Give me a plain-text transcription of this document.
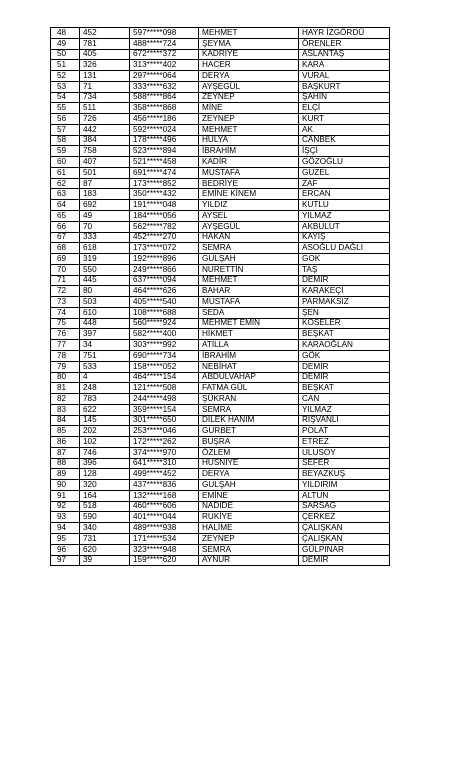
48	452	597*****098	MEHMET	HAYR İZGÖRDÜ
49	781	488*****724	ŞEYMA	ÖRENLER
50	405	672*****372	KADRİYE	ASLANTAŞ
51	326	313*****402	HACER	KARA
52	131	297*****064	DERYA	VURAL
53	71	333*****632	AYŞEGÜL	BAŞKURT
54	734	588*****864	ZEYNEP	ŞAHİN
55	511	358*****868	MİNE	ELÇİ
56	726	456*****186	ZEYNEP	KURT
57	442	592*****024	MEHMET	AK
58	384	178*****496	HÜLYA	CANBEK
59	758	523*****894	İBRAHİM	İŞÇİ
60	407	521*****458	KADİR	GÖZOĞLU
61	501	691*****474	MUSTAFA	GUZEL
62	87	173*****852	BEDRİYE	ZAF
63	183	350*****432	EMİNE KİNEM	ERCAN
64	692	191*****048	YILDIZ	KUTLU
65	49	184*****056	AYSEL	YILMAZ
66	70	562*****782	AYŞEGÜL	AKBULUT
67	333	452*****270	HAKAN	KAYIŞ
68	618	173*****072	SEMRA	ASOĞLU DAĞLI
69	319	192*****896	GULŞAH	GOK
70	550	249*****866	NURETTİN	TAŞ
71	445	637*****094	MEHMET	DEMİR
72	80	464*****626	BAHAR	KARAKEÇİ
73	503	405*****540	MUSTAFA	PARMAKSIZ
74	610	108*****688	SEDA	ŞEN
75	448	560*****924	MEHMET EMİN	KÖSELER
76	397	582*****400	HİKMET	BEŞKAT
77	34	303*****992	ATİLLA	KARAOĞLAN
78	751	690*****734	İBRAHİM	GÖK
79	533	158*****052	NEBİHAT	DEMİR
80	4	464*****154	ABDULVAHAP	DEMİR
81	248	121*****508	FATMA GÜL	BEŞKAT
82	783	244*****498	ŞÜKRAN	CAN
83	622	359*****154	SEMRA	YILMAZ
84	145	301*****650	DİLEK HANIM	RIŞVANLI
85	202	253*****046	GURBET	POLAT
86	102	172*****262	BUŞRA	ETREZ
87	746	374*****970	ÖZLEM	ULUSOY
88	396	641*****310	HUSNİYE	SEFER
89	128	499*****452	DERYA	BEYAZKUŞ
90	320	437*****836	GULŞAH	YILDIRIM
91	164	132*****168	EMİNE	ALTUN
92	518	460*****606	NADİDE	SARSAG
93	590	401*****044	RUKİYE	ÇERKEZ
94	340	489*****938	HALİME	ÇALIŞKAN
95	731	171*****534	ZEYNEP	ÇALIŞKAN
96	620	323*****948	SEMRA	GÜLPINAR
97	39	159*****620	AYNUR	DEMİR
